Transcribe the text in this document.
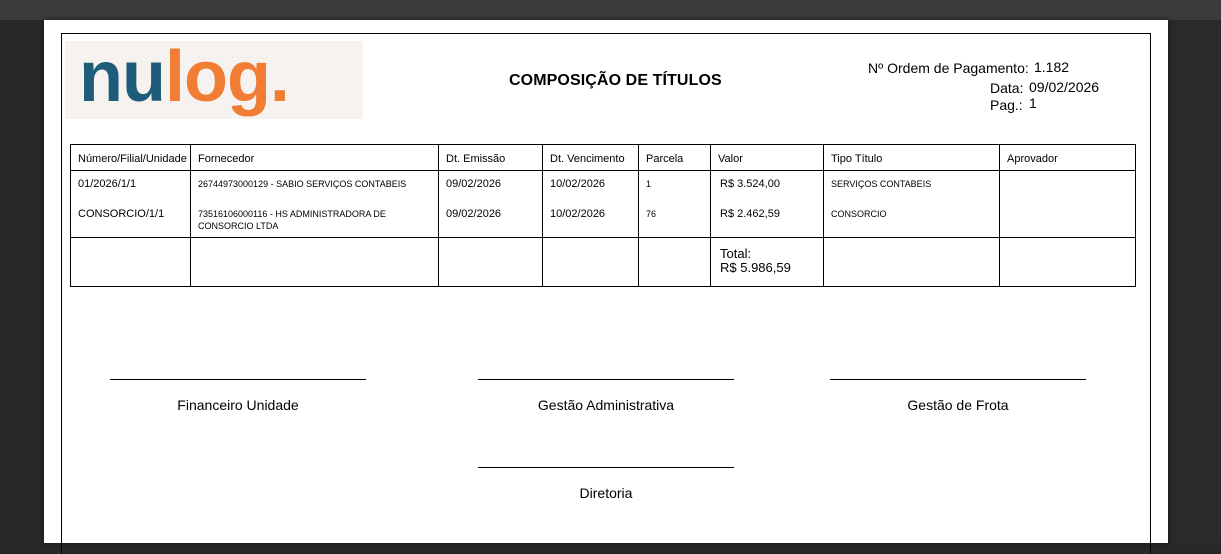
nulog.	COMPOSIÇÃO DE TÍTULOS
Nº Ordem de Pagamento: 1.182
Data: 09/02/2026
Pag.: 1
Número/Filial/Unidade	Fornecedor	Dt. Emissão	Dt. Vencimento	Parcela	Valor	Tipo Título	Aprovador
01/2026/1/1	26744973000129 - SABIO SERVIÇOS CONTABEIS	09/02/2026	10/02/2026	1	R$ 3.524,00	SERVIÇOS CONTABEIS	
CONSORCIO/1/1	73516106000116 - HS ADMINISTRADORA DE CONSORCIO LTDA	09/02/2026	10/02/2026	76	R$ 2.462,59	CONSORCIO	

					Total:
R$ 5.986,59		

Financeiro Unidade	Gestão Administrativa	Gestão de Frota
Diretoria
